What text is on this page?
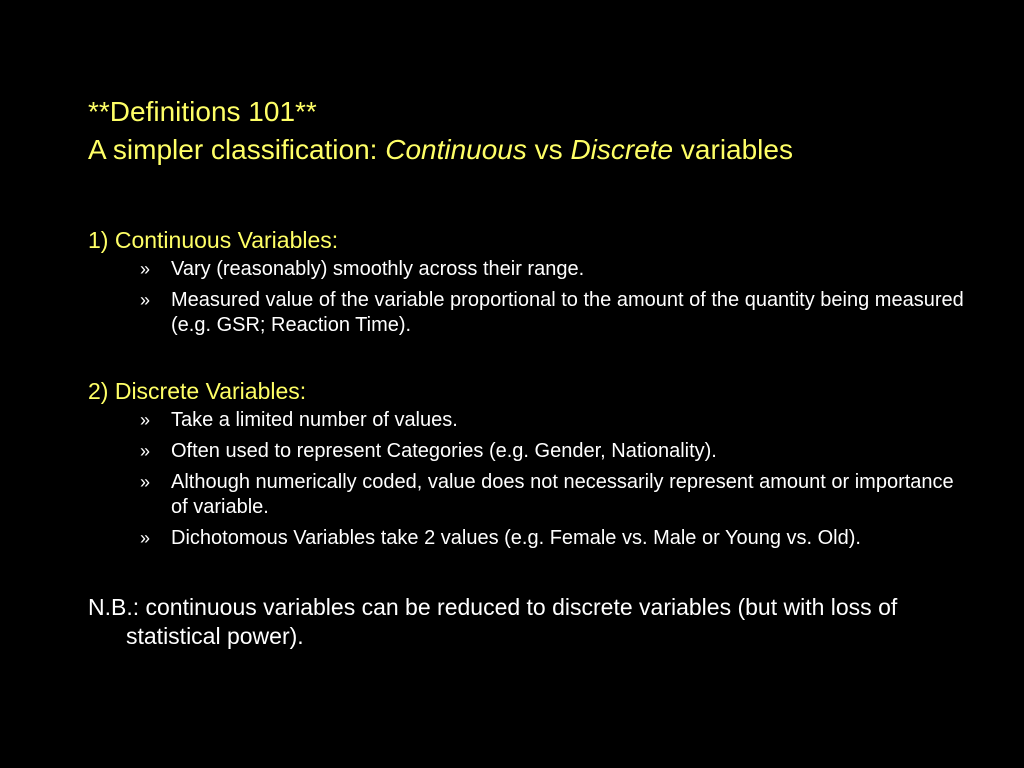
**Definitions 101**
A simpler classification: Continuous vs Discrete variables

1) Continuous Variables:

»	Vary (reasonably) smoothly across their range.
»	Measured value of the variable proportional to the amount of the quantity being measured (e.g. GSR; Reaction Time).

2) Discrete Variables:

»	Take a limited number of values.
»	Often used to represent Categories (e.g. Gender, Nationality).
»	Although numerically coded, value does not necessarily represent amount or importance of variable.
»	Dichotomous Variables take 2 values (e.g. Female vs. Male or Young vs. Old).

N.B.: continuous variables can be reduced to discrete variables (but with loss of statistical power).
